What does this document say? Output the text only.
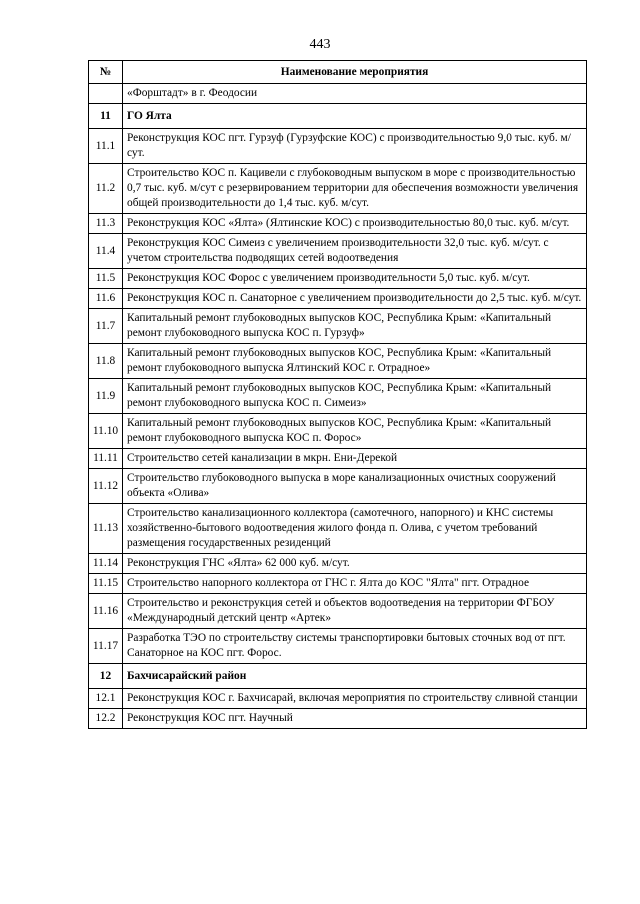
443
№	Наименование мероприятия
	«Форштадт» в г. Феодосии
11	ГО Ялта
11.1	Реконструкция КОС пгт. Гурзуф (Гурзуфские КОС) с производительностью 9,0 тыс. куб. м/сут.
11.2	Строительство КОС п. Кацивели с глубоководным выпуском в море с производительностью 0,7 тыс. куб. м/сут с резервированием территории для обеспечения возможности увеличения общей производительности до 1,4 тыс. куб. м/сут.
11.3	Реконструкция КОС «Ялта» (Ялтинские КОС) с производительностью 80,0 тыс. куб. м/сут.
11.4	Реконструкция КОС Симеиз с увеличением производительности 32,0 тыс. куб. м/сут. с учетом строительства подводящих сетей водоотведения
11.5	Реконструкция КОС Форос с увеличением производительности 5,0 тыс. куб. м/сут.
11.6	Реконструкция КОС п. Санаторное с увеличением производительности до 2,5 тыс. куб. м/сут.
11.7	Капитальный ремонт глубоководных выпусков КОС, Республика Крым: «Капитальный ремонт глубоководного выпуска КОС п. Гурзуф»
11.8	Капитальный ремонт глубоководных выпусков КОС, Республика Крым: «Капитальный ремонт глубоководного выпуска Ялтинский КОС г. Отрадное»
11.9	Капитальный ремонт глубоководных выпусков КОС, Республика Крым: «Капитальный ремонт глубоководного выпуска КОС п. Симеиз»
11.10	Капитальный ремонт глубоководных выпусков КОС, Республика Крым: «Капитальный ремонт глубоководного выпуска КОС п. Форос»
11.11	Строительство сетей канализации в мкрн. Ени-Дерекой
11.12	Строительство глубоководного выпуска в море канализационных очистных сооружений объекта «Олива»
11.13	Строительство канализационного коллектора (самотечного, напорного) и КНС системы хозяйственно-бытового водоотведения жилого фонда п. Олива, с учетом требований размещения государственных резиденций
11.14	Реконструкция ГНС «Ялта» 62 000 куб. м/сут.
11.15	Строительство напорного коллектора от ГНС г. Ялта до КОС "Ялта" пгт. Отрадное
11.16	Строительство и реконструкция сетей и объектов водоотведения на территории ФГБОУ «Международный детский центр «Артек»
11.17	Разработка ТЭО по строительству системы транспортировки бытовых сточных вод от пгт. Санаторное на КОС пгт. Форос.
12	Бахчисарайский район
12.1	Реконструкция КОС г. Бахчисарай, включая мероприятия по строительству сливной станции
12.2	Реконструкция КОС пгт. Научный
